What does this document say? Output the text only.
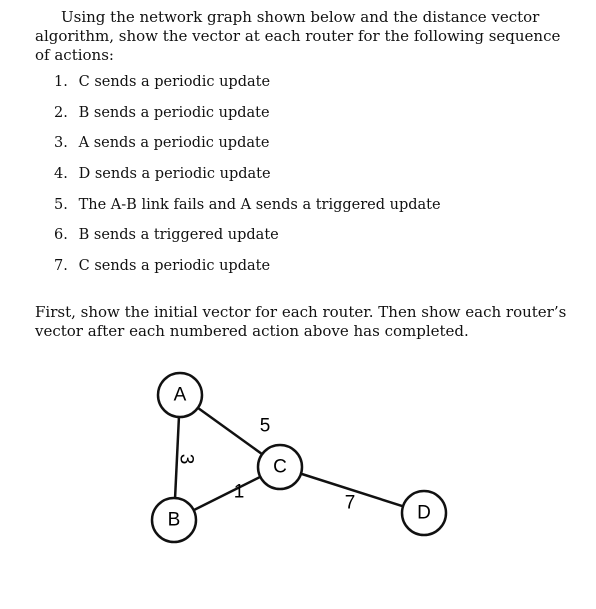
Using the network graph shown below and the distance vector algorithm, show the vector at each router for the following sequence of actions:

1. C sends a periodic update
2. B sends a periodic update
3. A sends a periodic update
4. D sends a periodic update
5. The A-B link fails and A sends a triggered update
6. B sends a triggered update
7. C sends a periodic update

First, show the initial vector for each router. Then show each router’s vector after each numbered action above has completed.

5
3
1
7
A
B
C
D
